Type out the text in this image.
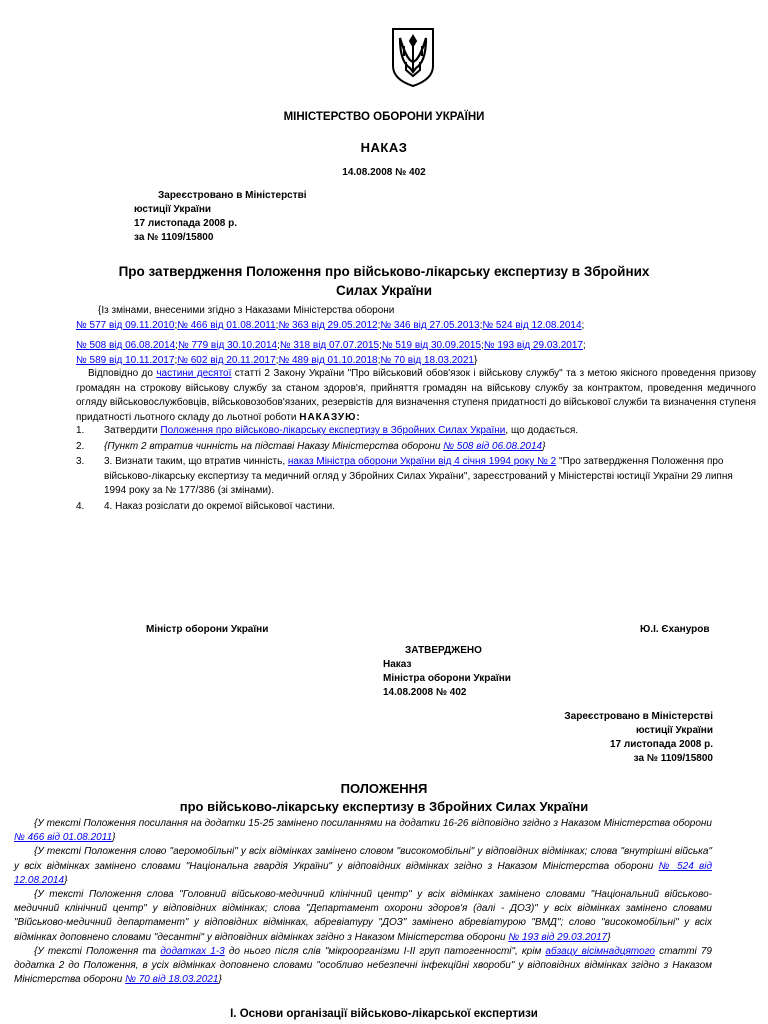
МІНІСТЕРСТВО ОБОРОНИ УКРАЇНИ
НАКАЗ
14.08.2008 № 402
Зареєстровано в Міністерстві
юстиції України
17 листопада 2008 р.
за № 1109/15800
Про затвердження Положення про військово-лікарську експертизу в Збройних Силах України
{Із змінами, внесеними згідно з Наказами Міністерства оборони
№ 577 від 09.11.2010;№ 466 від 01.08.2011;№ 363 від 29.05.2012;№ 346 від 27.05.2013;№ 524 від 12.08.2014;
№ 508 від 06.08.2014;№ 779 від 30.10.2014;№ 318 від 07.07.2015;№ 519 від 30.09.2015;№ 193 від 29.03.2017;
№ 589 від 10.11.2017;№ 602 від 20.11.2017;№ 489 від 01.10.2018;№ 70 від 18.03.2021}

Відповідно до частини десятої статті 2 Закону України "Про військовий обов'язок і військову службу" та з метою якісного проведення призову громадян на строкову військову службу за станом здоров'я, прийняття громадян на військову службу за контрактом, проведення медичного огляду військовослужбовців, військовозобов'язаних, резервістів для визначення ступеня придатності до військової служби та визначення ступеня придатності льотного складу до льотної роботи НАКАЗУЮ:

1. Затвердити Положення про військово-лікарську експертизу в Збройних Силах України, що додається.
2. {Пункт 2 втратив чинність на підставі Наказу Міністерства оборони № 508 від 06.08.2014}
3. 3. Визнати таким, що втратив чинність, наказ Міністра оборони України від 4 січня 1994 року № 2 "Про затвердження Положення про військово-лікарську експертизу та медичний огляд у Збройних Силах України", зареєстрований у Міністерстві юстиції України 29 липня 1994 року за № 177/386 (зі змінами).
4. 4. Наказ розіслати до окремої військової частини.
Міністр оборони України	Ю.І. Єхануров
ЗАТВЕРДЖЕНО
Наказ
Міністра оборони України
14.08.2008 № 402
Зареєстровано в Міністерстві
юстиції України
17 листопада 2008 р.
за № 1109/15800
ПОЛОЖЕННЯ
про військово-лікарську експертизу в Збройних Силах України

{У тексті Положення посилання на додатки 15-25 замінено посиланнями на додатки 16-26 відповідно згідно з Наказом Міністерства оборони № 466 від 01.08.2011}

{У тексті Положення слово "аеромобільні" у всіх відмінках замінено словом "високомобільні" у відповідних відмінках; слова "внутрішні війська" у всіх відмінках замінено словами "Національна гвардія України" у відповідних відмінках згідно з Наказом Міністерства оборони № 524 від 12.08.2014}

{У тексті Положення слова "Головний військово-медичний клінічний центр" у всіх відмінках замінено словами "Національний військово-медичний клінічний центр" у відповідних відмінках; слова "Департамент охорони здоров'я (далі - ДОЗ)" у всіх відмінках замінено словами "Військово-медичний департамент" у відповідних відмінках, абревіатуру "ДОЗ" замінено абревіатурою "ВМД"; слово "високомобільні" у всіх відмінках доповнено словами "десантні" у відповідних відмінках згідно з Наказом Міністерства оборони № 193 від 29.03.2017}

{У тексті Положення та додатках 1-3 до нього після слів "мікроорганізми I-II груп патогенності", крім абзацу вісімнадцятого статті 79 додатка 2 до Положення, в усіх відмінках доповнено словами "особливо небезпечні інфекційні хвороби" у відповідних відмінках згідно з Наказом Міністерства оборони № 70 від 18.03.2021}

І. Основи організації військово-лікарської експертизи
